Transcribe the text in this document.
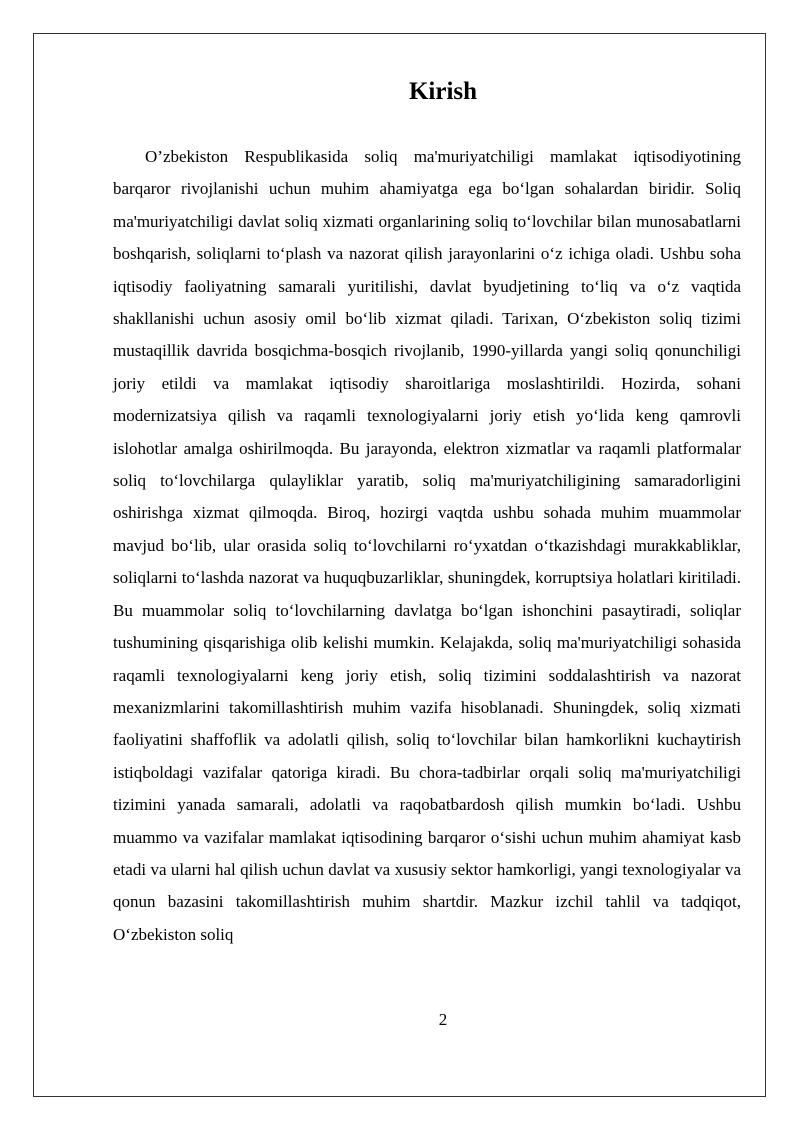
Kirish

O’zbekiston Respublikasida soliq ma'muriyatchiligi mamlakat iqtisodiyotining barqaror rivojlanishi uchun muhim ahamiyatga ega bo‘lgan sohalardan biridir. Soliq ma'muriyatchiligi davlat soliq xizmati organlarining soliq to‘lovchilar bilan munosabatlarni boshqarish, soliqlarni to‘plash va nazorat qilish jarayonlarini o‘z ichiga oladi. Ushbu soha iqtisodiy faoliyatning samarali yuritilishi, davlat byudjetining to‘liq va o‘z vaqtida shakllanishi uchun asosiy omil bo‘lib xizmat qiladi. Tarixan, O‘zbekiston soliq tizimi mustaqillik davrida bosqichma-bosqich rivojlanib, 1990-yillarda yangi soliq qonunchiligi joriy etildi va mamlakat iqtisodiy sharoitlariga moslashtirildi. Hozirda, sohani modernizatsiya qilish va raqamli texnologiyalarni joriy etish yo‘lida keng qamrovli islohotlar amalga oshirilmoqda. Bu jarayonda, elektron xizmatlar va raqamli platformalar soliq to‘lovchilarga qulayliklar yaratib, soliq ma'muriyatchiligining samaradorligini oshirishga xizmat qilmoqda. Biroq, hozirgi vaqtda ushbu sohada muhim muammolar mavjud bo‘lib, ular orasida soliq to‘lovchilarni ro‘yxatdan o‘tkazishdagi murakkabliklar, soliqlarni to‘lashda nazorat va huquqbuzarliklar, shuningdek, korruptsiya holatlari kiritiladi. Bu muammolar soliq to‘lovchilarning davlatga bo‘lgan ishonchini pasaytiradi, soliqlar tushumining qisqarishiga olib kelishi mumkin. Kelajakda, soliq ma'muriyatchiligi sohasida raqamli texnologiyalarni keng joriy etish, soliq tizimini soddalashtirish va nazorat mexanizmlarini takomillashtirish muhim vazifa hisoblanadi. Shuningdek, soliq xizmati faoliyatini shaffoflik va adolatli qilish, soliq to‘lovchilar bilan hamkorlikni kuchaytirish istiqboldagi vazifalar qatoriga kiradi. Bu chora-tadbirlar orqali soliq ma'muriyatchiligi tizimini yanada samarali, adolatli va raqobatbardosh qilish mumkin bo‘ladi. Ushbu muammo va vazifalar mamlakat iqtisodining barqaror o‘sishi uchun muhim ahamiyat kasb etadi va ularni hal qilish uchun davlat va xususiy sektor hamkorligi, yangi texnologiyalar va qonun bazasini takomillashtirish muhim shartdir. Mazkur izchil tahlil va tadqiqot, O‘zbekiston soliq

2
